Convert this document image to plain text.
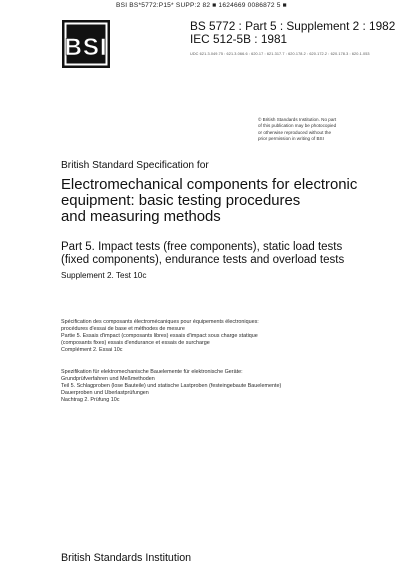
BSI BS*5772:P15* SUPP:2 82 ■ 1624669 0086872 5 ■
BSI
BS 5772 : Part 5 : Supplement 2 : 1982
IEC 512-5B : 1981
UDC 621.3.049.75 : 621.3.066.6 : 620.17 : 621.317.7 : 620.178.2 : 620.172.2 : 620.178.3 : 620.1.053
© British Standards Institution. No part
of this publication may be photocopied
or otherwise reproduced without the
prior permission in writing of BSI
British Standard Specification for
Electromechanical components for electronic
equipment: basic testing procedures
and measuring methods
Part 5. Impact tests (free components), static load tests
(fixed components), endurance tests and overload tests
Supplement 2. Test 10c
Spécification des composants électromécaniques pour équipements électroniques:
procédures d'essai de base et méthodes de mesure
Partie 5. Essais d'impact (composants libres) essais d'impact sous charge statique
(composants fixes) essais d'endurance et essais de surcharge
Complément 2. Essai 10c
Spezifikation für elektromechanische Bauelemente für elektronische Geräte:
Grundprüfverfahren und Meßmethoden
Teil 5. Schlagproben (lose Bauteile) und statische Lastproben (festeingebaute Bauelemente)
Dauerproben und Überlastprüfungen
Nachtrag 2. Prüfung 10c
British Standards Institution
